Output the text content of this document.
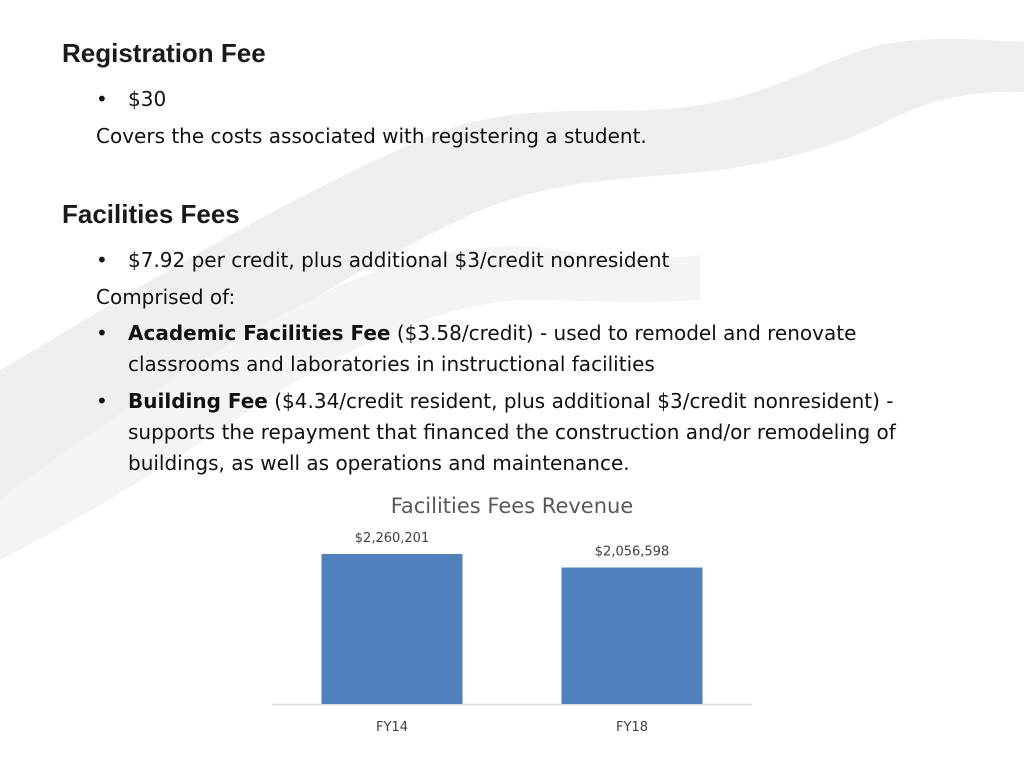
Registration Fee
• $30

Covers the costs associated with registering a student.

Facilities Fees
• $7.92 per credit, plus additional $3/credit nonresident

Comprised of:

• Academic Facilities Fee ($3.58/credit) - used to remodel and renovate classrooms and laboratories in instructional facilities
• Building Fee ($4.34/credit resident, plus additional $3/credit nonresident) - supports the repayment that financed the construction and/or remodeling of buildings, as well as operations and maintenance.
Facilities Fees Revenue
$2,260,201
FY14
$2,056,598
FY18
